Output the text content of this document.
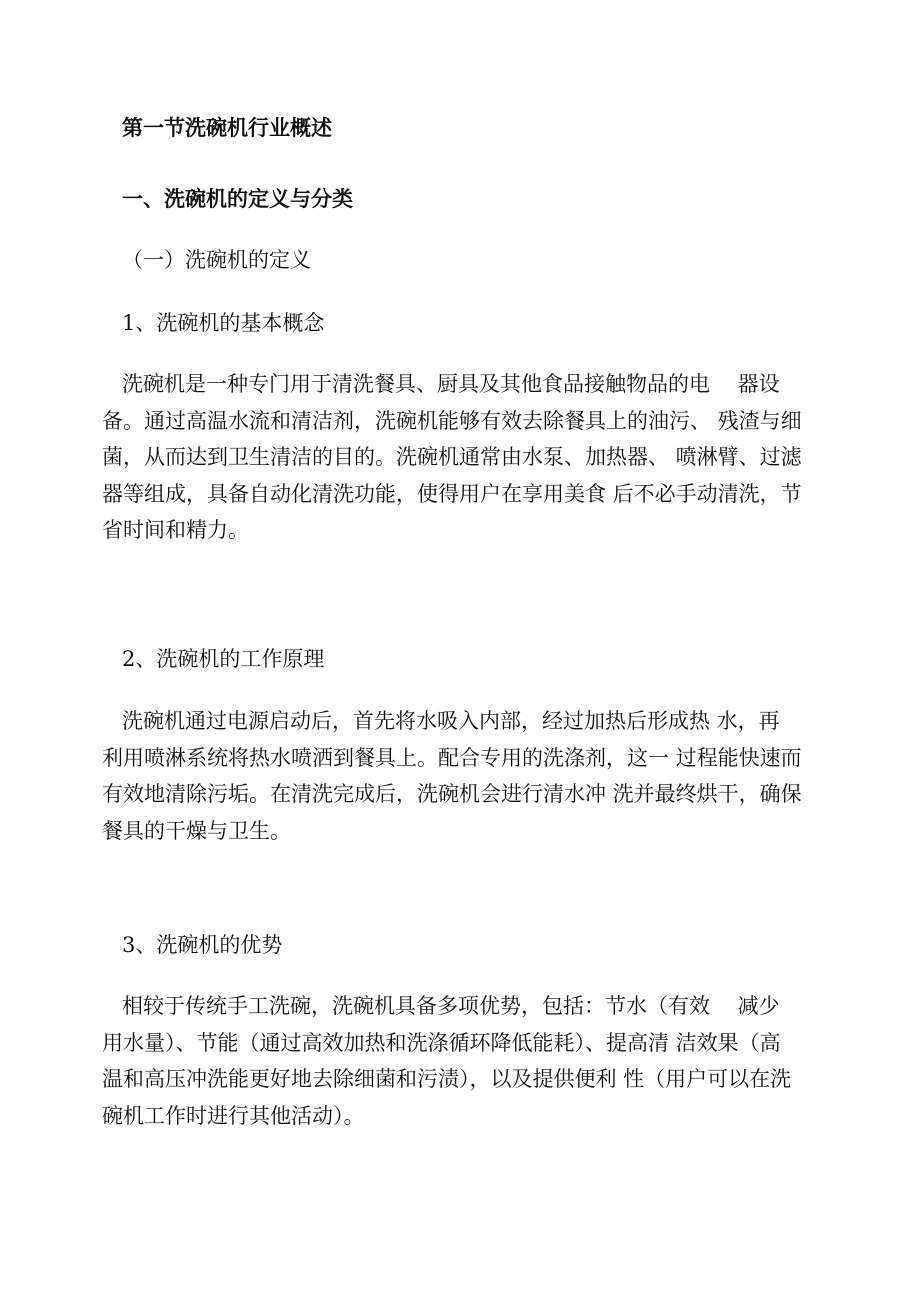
第一节洗碗机行业概述
一、洗碗机的定义与分类
（一）洗碗机的定义
1、洗碗机的基本概念
洗碗机是一种专门用于清洗餐具、厨具及其他食品接触物品的电　 器设
备。通过高温水流和清洁剂，洗碗机能够有效去除餐具上的油污、 残渣与细
菌，从而达到卫生清洁的目的。洗碗机通常由水泵、加热器、 喷淋臂、过滤
器等组成，具备自动化清洗功能，使得用户在享用美食 后不必手动清洗，节
省时间和精力。
2、洗碗机的工作原理
洗碗机通过电源启动后，首先将水吸入内部，经过加热后形成热 水，再
利用喷淋系统将热水喷洒到餐具上。配合专用的洗涤剂，这一 过程能快速而
有效地清除污垢。在清洗完成后，洗碗机会进行清水冲 洗并最终烘干，确保
餐具的干燥与卫生。
3、洗碗机的优势
相较于传统手工洗碗，洗碗机具备多项优势，包括：节水（有效　 减少
用水量）、节能（通过高效加热和洗涤循环降低能耗）、提高清 洁效果（高
温和高压冲洗能更好地去除细菌和污渍），以及提供便利 性（用户可以在洗
碗机工作时进行其他活动）。
